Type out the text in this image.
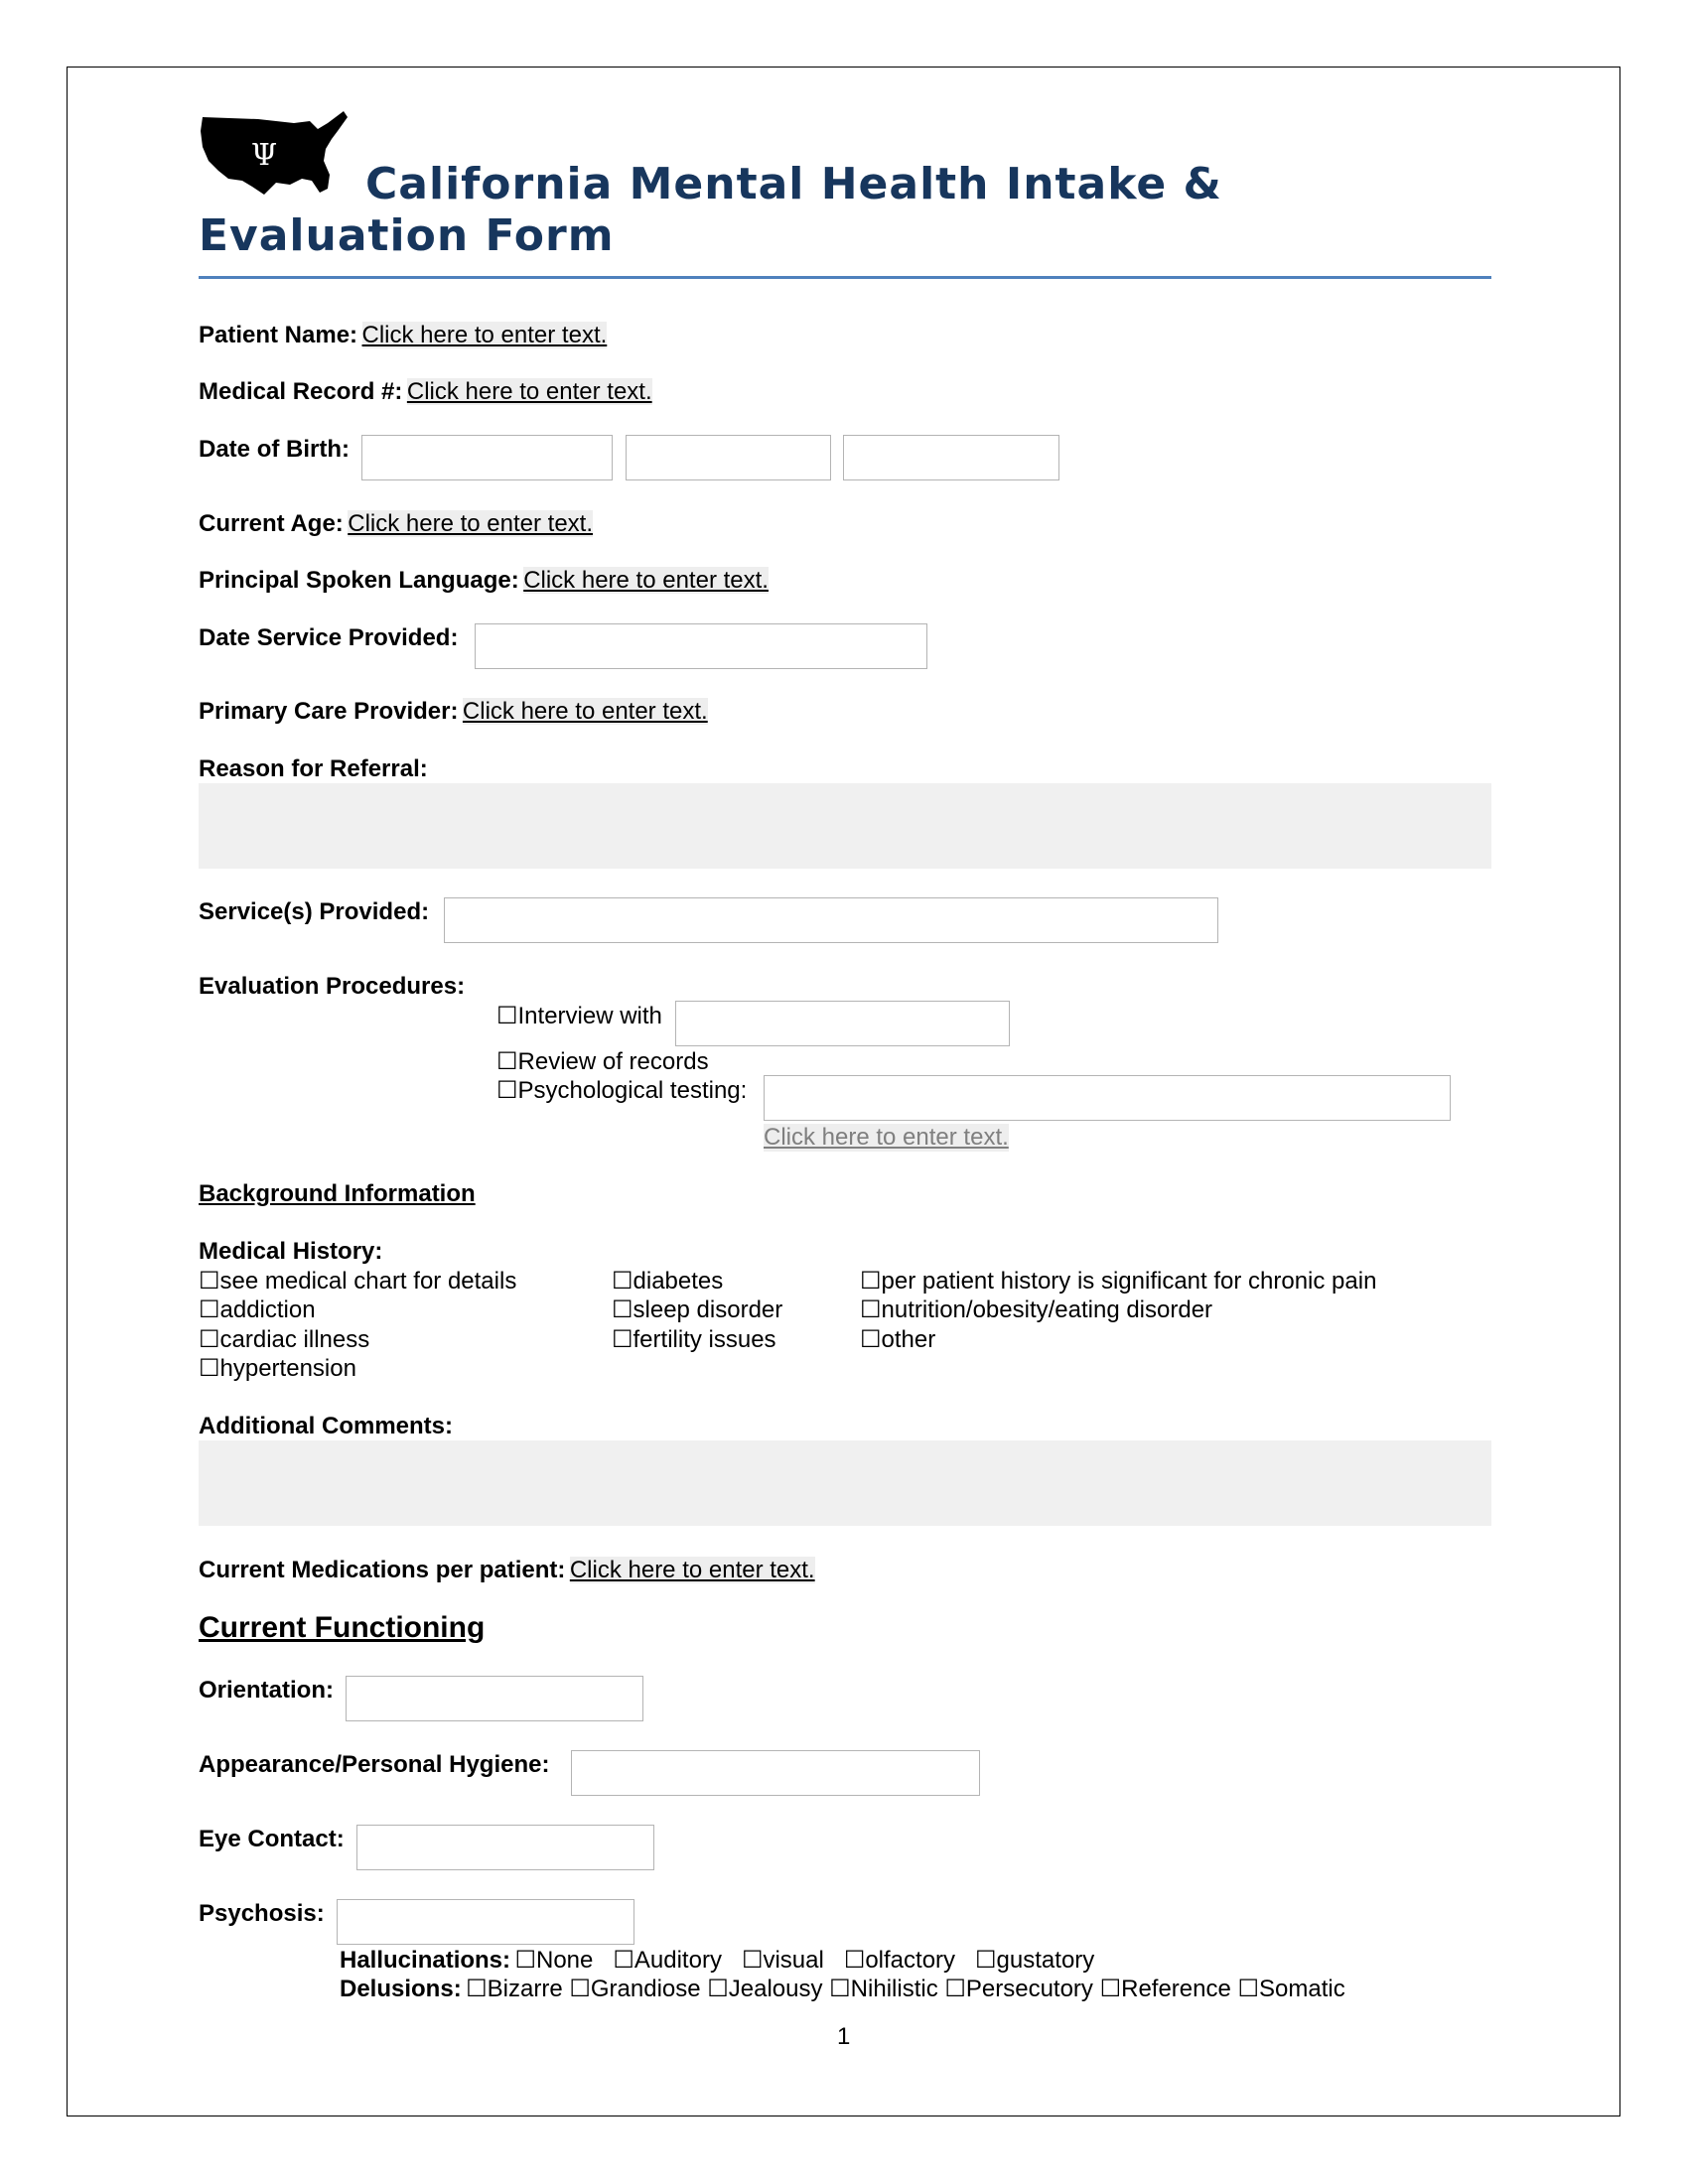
Ψ
California Mental Health Intake &
Evaluation Form
Patient Name: Click here to enter text.
Medical Record #: Click here to enter text.
Date of Birth:
Current Age: Click here to enter text.
Principal Spoken Language: Click here to enter text.
Date Service Provided:
Primary Care Provider: Click here to enter text.
Reason for Referral:
Service(s) Provided:
Evaluation Procedures:
☐Interview with
☐Review of records
☐Psychological testing:
Click here to enter text.
Background Information
Medical History:
☐see medical chart for details
☐addiction
☐cardiac illness
☐hypertension
☐diabetes
☐sleep disorder
☐fertility issues
☐per patient history is significant for chronic pain
☐nutrition/obesity/eating disorder
☐other
Additional Comments:
Current Medications per patient: Click here to enter text.
Current Functioning
Orientation:
Appearance/Personal Hygiene:
Eye Contact:
Psychosis:
Hallucinations: ☐None   ☐Auditory   ☐visual   ☐olfactory   ☐gustatory
Delusions: ☐Bizarre ☐Grandiose ☐Jealousy ☐Nihilistic ☐Persecutory ☐Reference ☐Somatic
1
